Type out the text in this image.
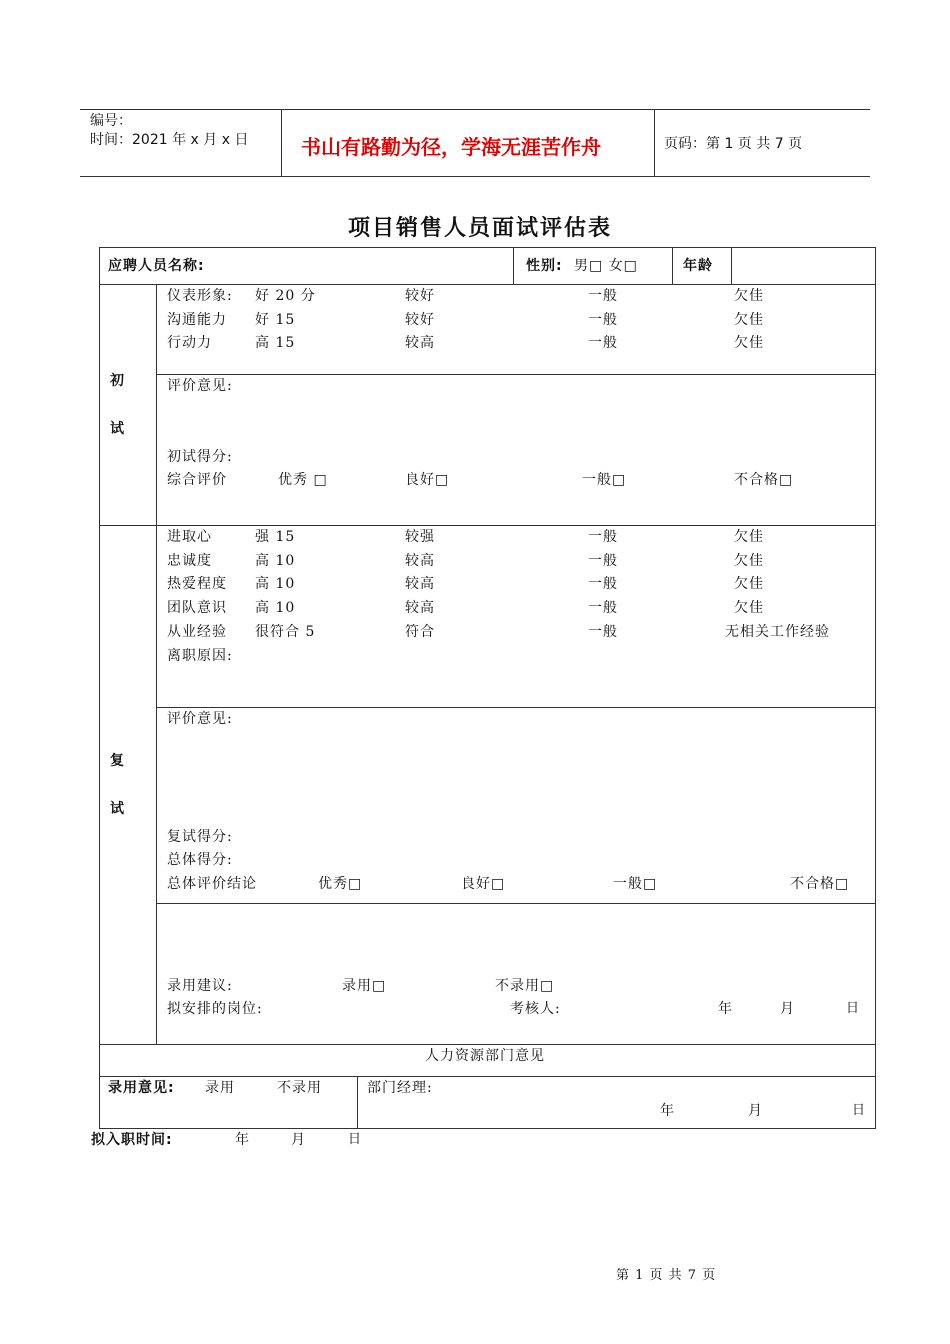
编号：
时间：2021 年 x 月 x 日	书山有路勤为径，学海无涯苦作舟	页码：第 1 页 共 7 页
项目销售人员面试评估表
应聘人员名称:	性别: 男□ 女□	年龄
初
试
仪表形象: 好 20 分	较好	一般	欠佳
沟通能力 好 15	较好	一般	欠佳
行动力	高 15	较高	一般	欠佳
评价意见:
初试得分:
综合评价	优秀 □	良好□	一般□	不合格□
复
试
进取心	强 15	较强	一般	欠佳
忠诚度	高 10	较高	一般	欠佳
热爱程度 高 10	较高	一般	欠佳
团队意识 高 10	较高	一般	欠佳
从业经验 很符合 5	符合	一般	无相关工作经验
离职原因:
评价意见:
复试得分:
总体得分:
总体评价结论	优秀□	良好□	一般□	不合格□
录用建议:	录用□	不录用□
拟安排的岗位:	考核人:	年	月	日
人力资源部门意见
录用意见: 录用	不录用	部门经理:
年	月	日
拟入职时间:	年	月	日
第 1 页 共 7 页
